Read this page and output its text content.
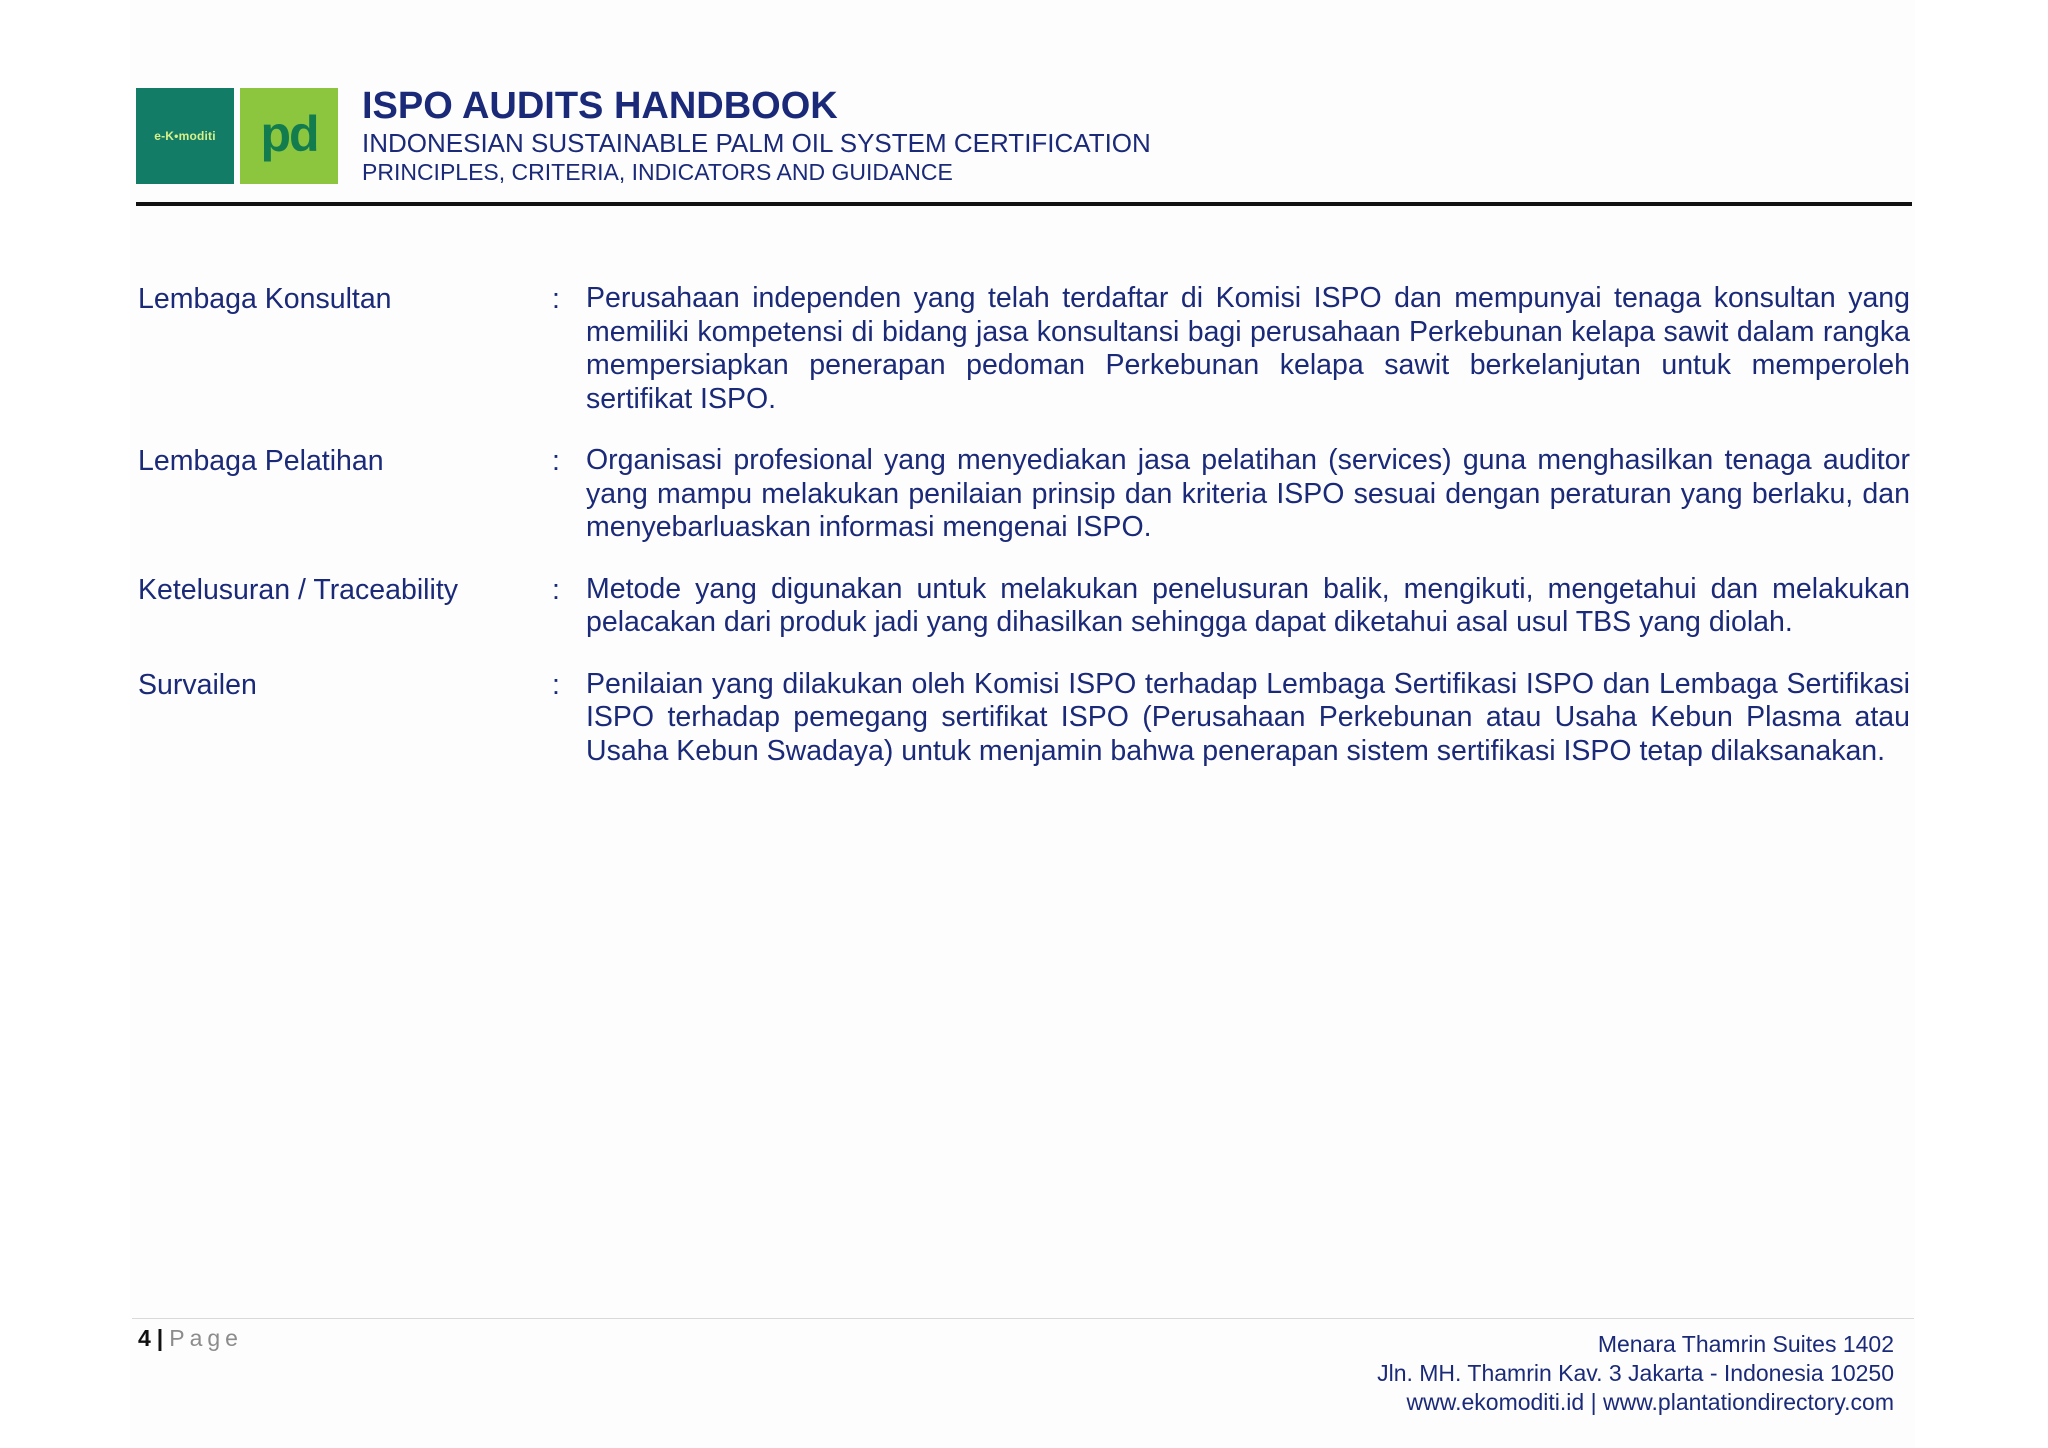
e-K•moditi pd ISPO AUDITS HANDBOOK
INDONESIAN SUSTAINABLE PALM OIL SYSTEM CERTIFICATION
PRINCIPLES, CRITERIA, INDICATORS AND GUIDANCE
Lembaga Konsultan	: Perusahaan independen yang telah terdaftar di Komisi ISPO dan mempunyai tenaga konsultan yang memiliki kompetensi di bidang jasa konsultansi bagi perusahaan Perkebunan kelapa sawit dalam rangka mempersiapkan penerapan pedoman Perkebunan kelapa sawit berkelanjutan untuk memperoleh sertifikat ISPO.
Lembaga Pelatihan	: Organisasi profesional yang menyediakan jasa pelatihan (services) guna menghasilkan tenaga auditor yang mampu melakukan penilaian prinsip dan kriteria ISPO sesuai dengan peraturan yang berlaku, dan menyebarluaskan informasi mengenai ISPO.
Ketelusuran / Traceability	: Metode yang digunakan untuk melakukan penelusuran balik, mengikuti, mengetahui dan melakukan pelacakan dari produk jadi yang dihasilkan sehingga dapat diketahui asal usul TBS yang diolah.
Survailen	: Penilaian yang dilakukan oleh Komisi ISPO terhadap Lembaga Sertifikasi ISPO dan Lembaga Sertifikasi ISPO terhadap pemegang sertifikat ISPO (Perusahaan Perkebunan atau Usaha Kebun Plasma atau Usaha Kebun Swadaya) untuk menjamin bahwa penerapan sistem sertifikasi ISPO tetap dilaksanakan.
4 | Page	Menara Thamrin Suites 1402
Jln. MH. Thamrin Kav. 3 Jakarta - Indonesia 10250
www.ekomoditi.id | www.plantationdirectory.com
